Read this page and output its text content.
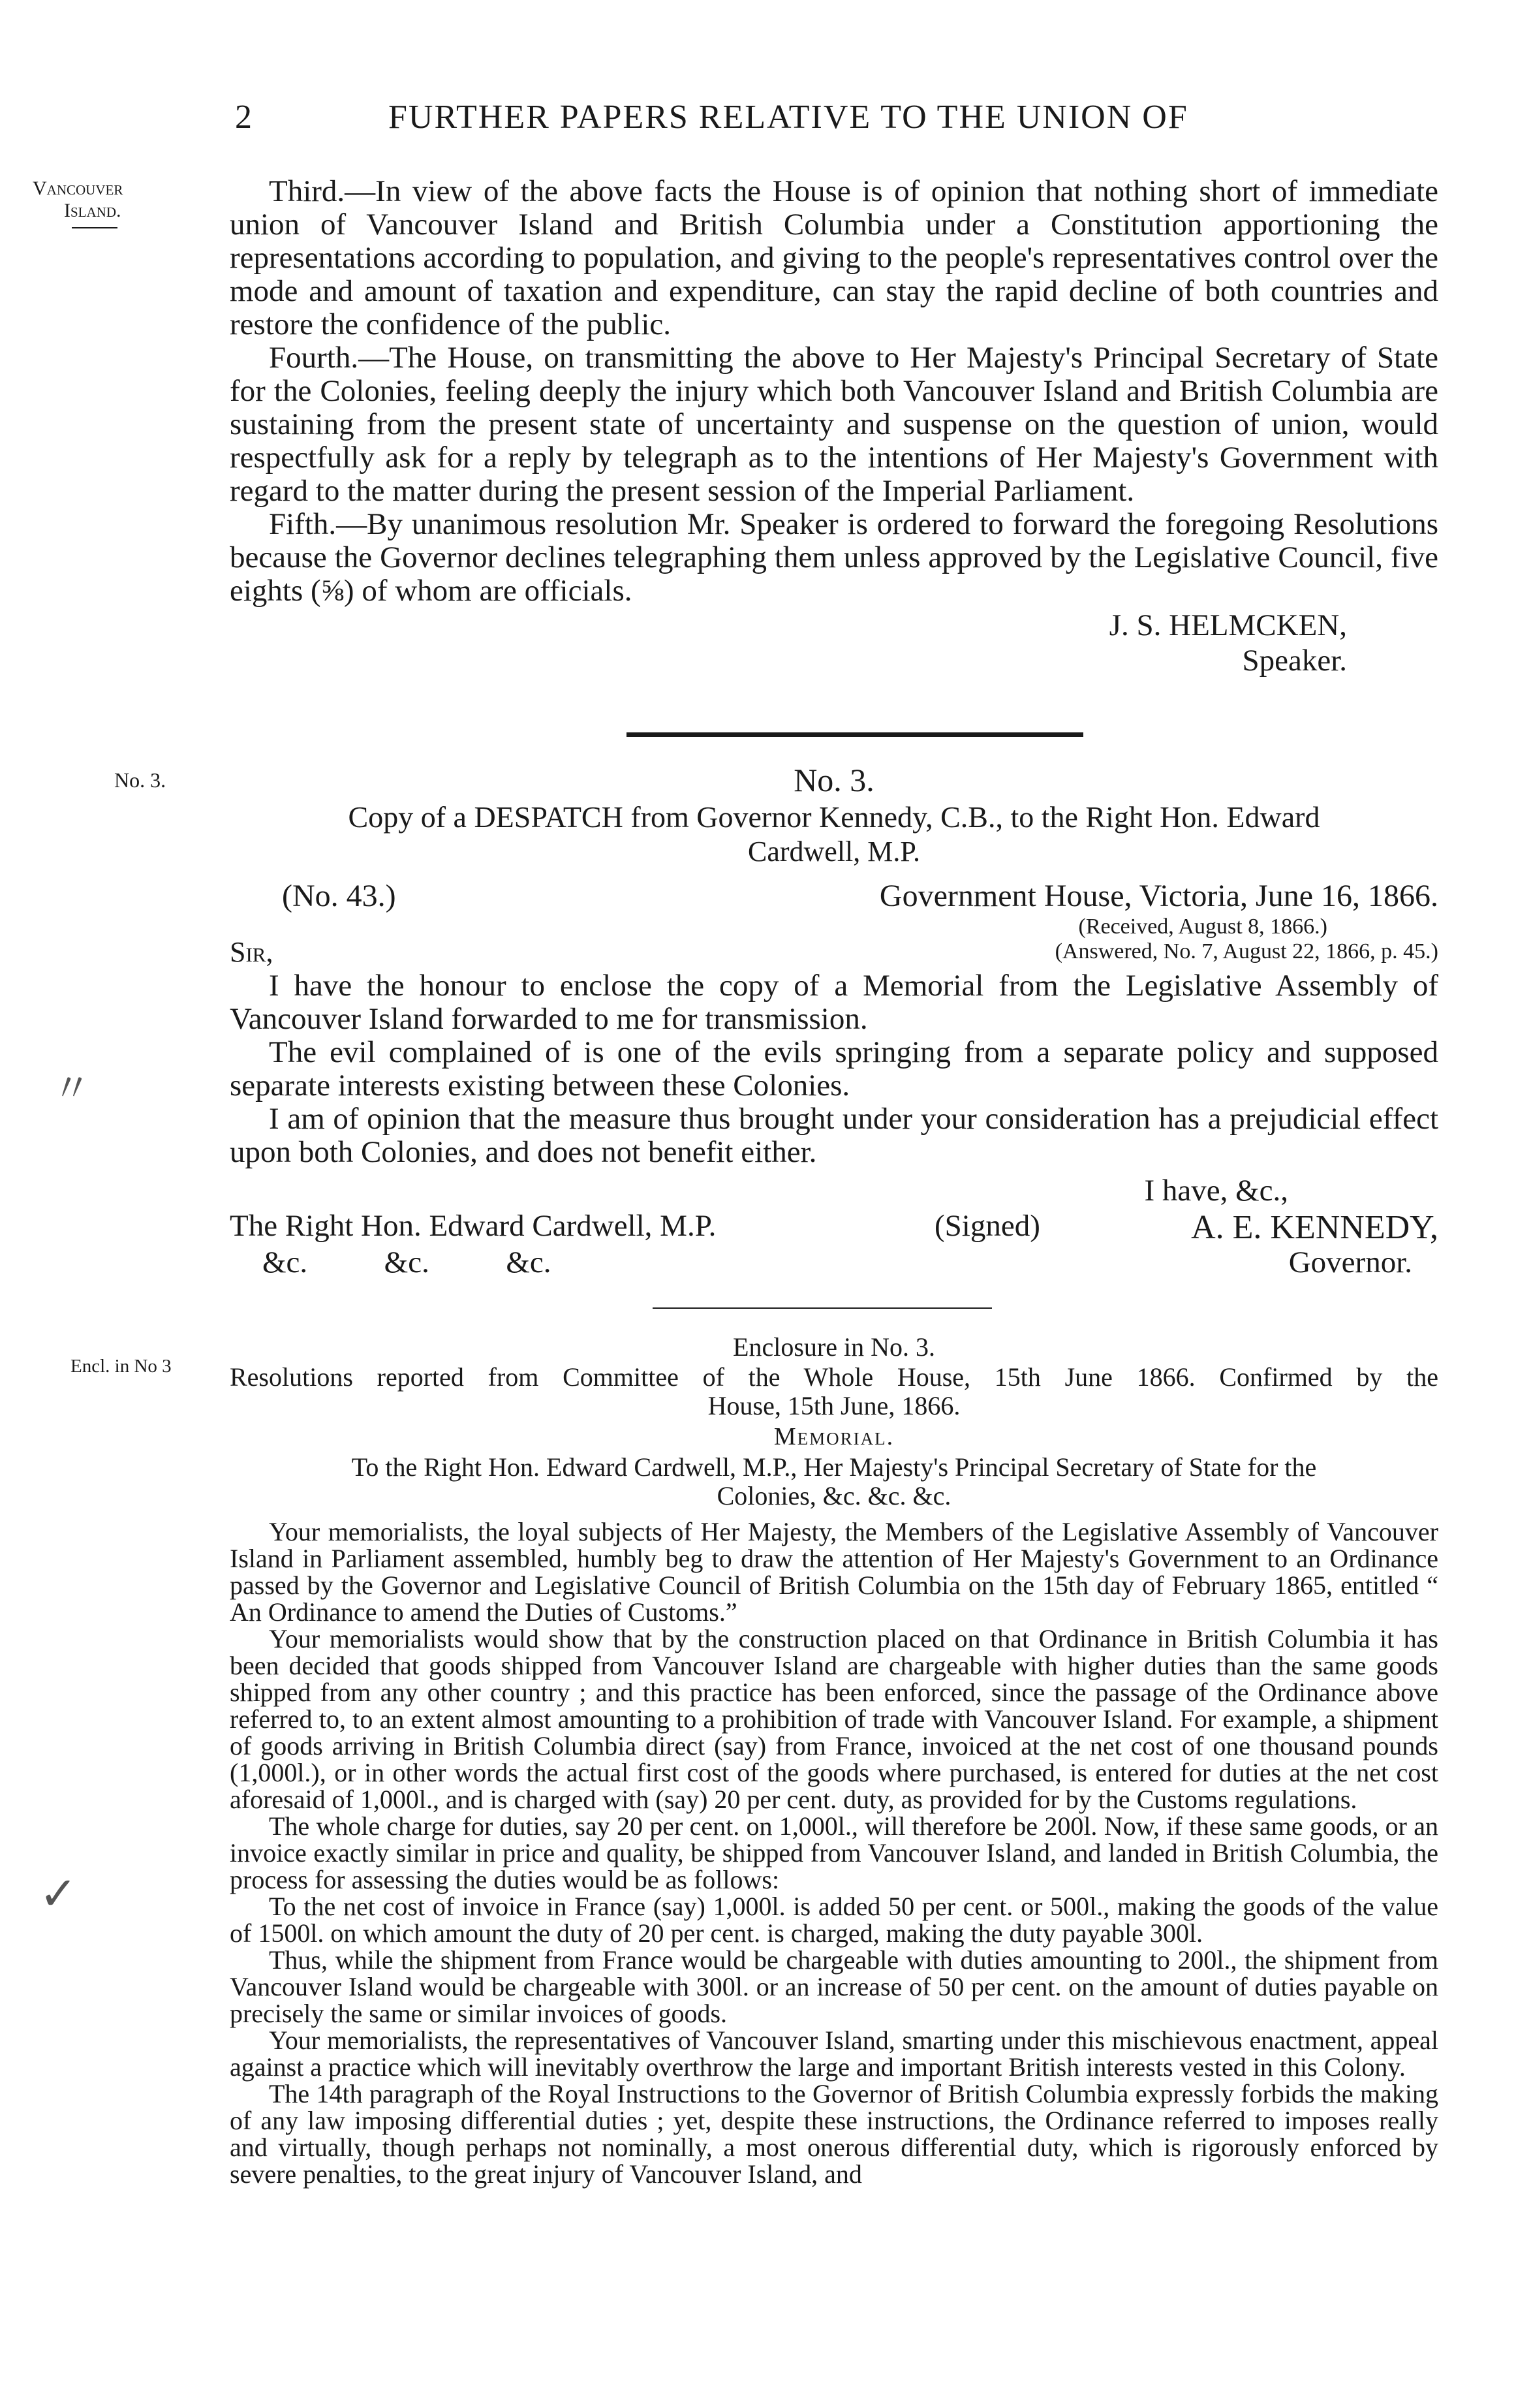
2	FURTHER PAPERS RELATIVE TO THE UNION OF
Vancouver
Island.
No. 3.
Encl. in No 3
〃
✓

Third.—In view of the above facts the House is of opinion that nothing short of immediate union of Vancouver Island and British Columbia under a Constitution apportioning the representations according to population, and giving to the people's representatives control over the mode and amount of taxation and expenditure, can stay the rapid decline of both countries and restore the confidence of the public.

Fourth.—The House, on transmitting the above to Her Majesty's Principal Secretary of State for the Colonies, feeling deeply the injury which both Vancouver Island and British Columbia are sustaining from the present state of uncertainty and suspense on the question of union, would respectfully ask for a reply by telegraph as to the intentions of Her Majesty's Government with regard to the matter during the present session of the Imperial Parliament.

Fifth.—By unanimous resolution Mr. Speaker is ordered to forward the foregoing Resolutions because the Governor declines telegraphing them unless approved by the Legislative Council, five eights (⅝) of whom are officials.

J. S. HELMCKEN,
Speaker.
No. 3.
Copy of a DESPATCH from Governor Kennedy, C.B., to the Right Hon. Edward
Cardwell, M.P.
(No. 43.)	Government House, Victoria, June 16, 1866.
(Received, August 8, 1866.)
Sir,	(Answered, No. 7, August 22, 1866, p. 45.)

I have the honour to enclose the copy of a Memorial from the Legislative Assembly of Vancouver Island forwarded to me for transmission.

The evil complained of is one of the evils springing from a separate policy and supposed separate interests existing between these Colonies.

I am of opinion that the measure thus brought under your consideration has a prejudicial effect upon both Colonies, and does not benefit either.

I have, &c.,
The Right Hon. Edward Cardwell, M.P.	(Signed)	A. E. KENNEDY,
&c.          &c.          &c.	Governor.
Enclosure in No. 3.
Resolutions reported from Committee of the Whole House, 15th June 1866. Confirmed by the
House, 15th June, 1866.
Memorial.
To the Right Hon. Edward Cardwell, M.P., Her Majesty's Principal Secretary of State for the
Colonies, &c. &c. &c.

Your memorialists, the loyal subjects of Her Majesty, the Members of the Legislative Assembly of Vancouver Island in Parliament assembled, humbly beg to draw the attention of Her Majesty's Government to an Ordinance passed by the Governor and Legislative Council of British Columbia on the 15th day of February 1865, entitled “ An Ordinance to amend the Duties of Customs.”

Your memorialists would show that by the construction placed on that Ordinance in British Columbia it has been decided that goods shipped from Vancouver Island are chargeable with higher duties than the same goods shipped from any other country ; and this practice has been enforced, since the passage of the Ordinance above referred to, to an extent almost amounting to a prohibition of trade with Vancouver Island. For example, a shipment of goods arriving in British Columbia direct (say) from France, invoiced at the net cost of one thousand pounds (1,000l.), or in other words the actual first cost of the goods where purchased, is entered for duties at the net cost aforesaid of 1,000l., and is charged with (say) 20 per cent. duty, as provided for by the Customs regulations.

The whole charge for duties, say 20 per cent. on 1,000l., will therefore be 200l. Now, if these same goods, or an invoice exactly similar in price and quality, be shipped from Vancouver Island, and landed in British Columbia, the process for assessing the duties would be as follows:

To the net cost of invoice in France (say) 1,000l. is added 50 per cent. or 500l., making the goods of the value of 1500l. on which amount the duty of 20 per cent. is charged, making the duty payable 300l.

Thus, while the shipment from France would be chargeable with duties amounting to 200l., the shipment from Vancouver Island would be chargeable with 300l. or an increase of 50 per cent. on the amount of duties payable on precisely the same or similar invoices of goods.

Your memorialists, the representatives of Vancouver Island, smarting under this mischievous enactment, appeal against a practice which will inevitably overthrow the large and important British interests vested in this Colony.

The 14th paragraph of the Royal Instructions to the Governor of British Columbia expressly forbids the making of any law imposing differential duties ; yet, despite these instructions, the Ordinance referred to imposes really and virtually, though perhaps not nominally, a most onerous differential duty, which is rigorously enforced by severe penalties, to the great injury of Vancouver Island, and
